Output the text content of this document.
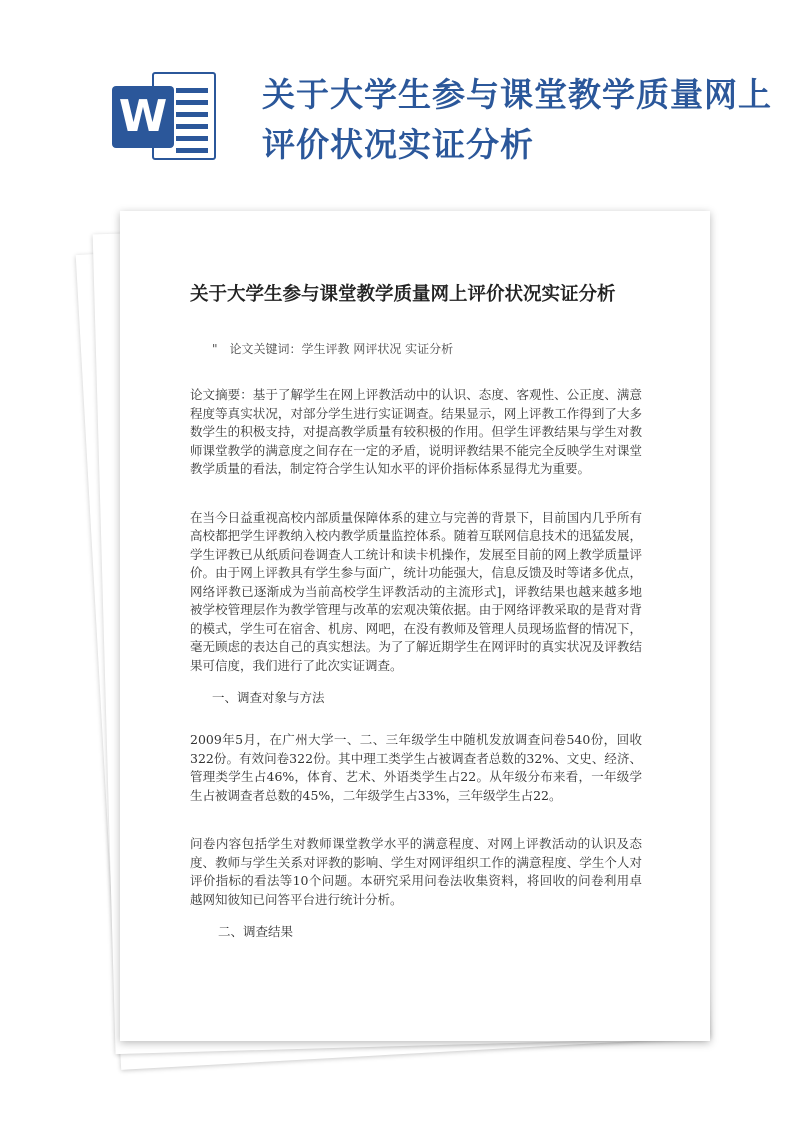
W	关于大学生参与课堂教学质量网上评价状况实证分析
关于大学生参与课堂教学质量网上评价状况实证分析
" 论文关键词：学生评教 网评状况 实证分析

论文摘要：基于了解学生在网上评教活动中的认识、态度、客观性、公正度、满意程度等真实状况，对部分学生进行实证调查。结果显示，网上评教工作得到了大多数学生的积极支持，对提高教学质量有较积极的作用。但学生评教结果与学生对教师课堂教学的满意度之间存在一定的矛盾，说明评教结果不能完全反映学生对课堂教学质量的看法，制定符合学生认知水平的评价指标体系显得尤为重要。

在当今日益重视高校内部质量保障体系的建立与完善的背景下，目前国内几乎所有高校都把学生评教纳入校内教学质量监控体系。随着互联网信息技术的迅猛发展，学生评教已从纸质问卷调查人工统计和读卡机操作，发展至目前的网上教学质量评价。由于网上评教具有学生参与面广，统计功能强大，信息反馈及时等诸多优点，网络评教已逐渐成为当前高校学生评教活动的主流形式]，评教结果也越来越多地被学校管理层作为教学管理与改革的宏观决策依据。由于网络评教采取的是背对背的模式，学生可在宿舍、机房、网吧，在没有教师及管理人员现场监督的情况下，毫无顾虑的表达自己的真实想法。为了了解近期学生在网评时的真实状况及评教结果可信度，我们进行了此次实证调查。

一、调查对象与方法

2009年5月，在广州大学一、二、三年级学生中随机发放调查问卷540份，回收322份。有效问卷322份。其中理工类学生占被调查者总数的32%、文史、经济、管理类学生占46%，体育、艺术、外语类学生占22。从年级分布来看，一年级学生占被调查者总数的45%，二年级学生占33%，三年级学生占22。

问卷内容包括学生对教师课堂教学水平的满意程度、对网上评教活动的认识及态度、教师与学生关系对评教的影响、学生对网评组织工作的满意程度、学生个人对评价指标的看法等10个问题。本研究采用问卷法收集资料，将回收的问卷利用卓越网知彼知已问答平台进行统计分析。

二、调查结果
